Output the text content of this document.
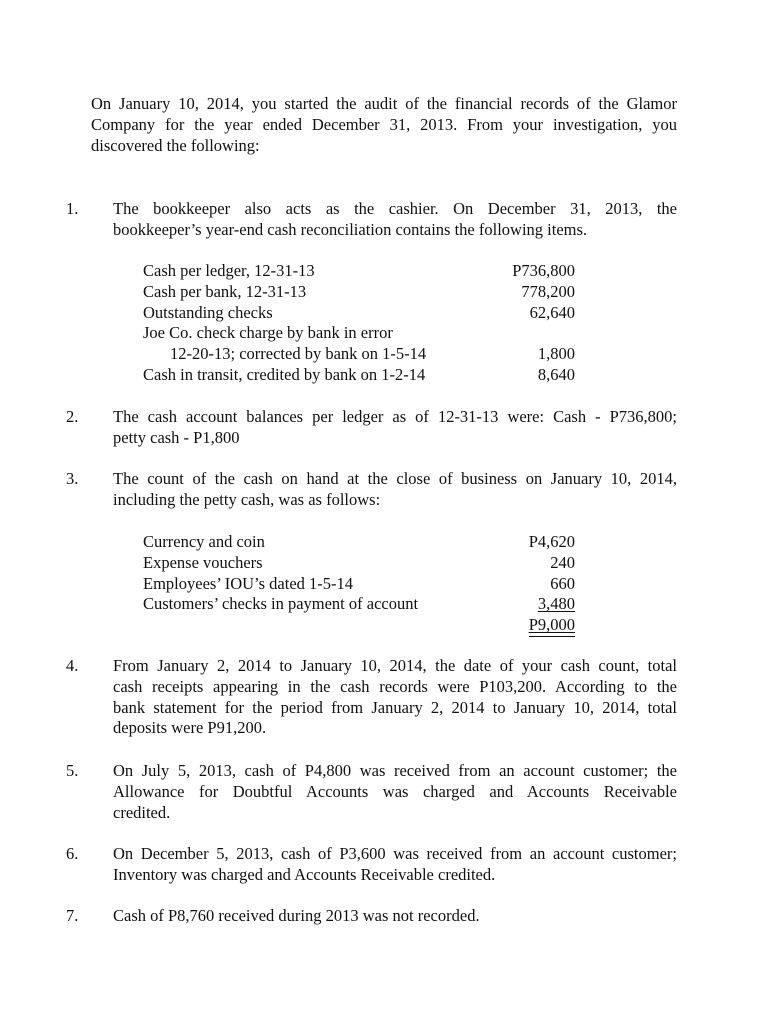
On January 10, 2014, you started the audit of the financial records of the Glamor
Company for the year ended December 31, 2013. From your investigation, you
discovered the following:
1. The bookkeeper also acts as the cashier. On December 31, 2013, the
bookkeeper’s year-end cash reconciliation contains the following items.
Cash per ledger, 12-31-13	P736,800
Cash per bank, 12-31-13	778,200
Outstanding checks	62,640
Joe Co. check charge by bank in error
12-20-13; corrected by bank on 1-5-14	1,800
Cash in transit, credited by bank on 1-2-14	8,640
2. The cash account balances per ledger as of 12-31-13 were: Cash - P736,800;
petty cash - P1,800
3. The count of the cash on hand at the close of business on January 10, 2014,
including the petty cash, was as follows:
Currency and coin	P4,620
Expense vouchers	240
Employees’ IOU’s dated 1-5-14	660
Customers’ checks in payment of account	3,480
P9,000
4. From January 2, 2014 to January 10, 2014, the date of your cash count, total
cash receipts appearing in the cash records were P103,200. According to the
bank statement for the period from January 2, 2014 to January 10, 2014, total
deposits were P91,200.
5. On July 5, 2013, cash of P4,800 was received from an account customer; the
Allowance for Doubtful Accounts was charged and Accounts Receivable
credited.
6. On December 5, 2013, cash of P3,600 was received from an account customer;
Inventory was charged and Accounts Receivable credited.
7. Cash of P8,760 received during 2013 was not recorded.
